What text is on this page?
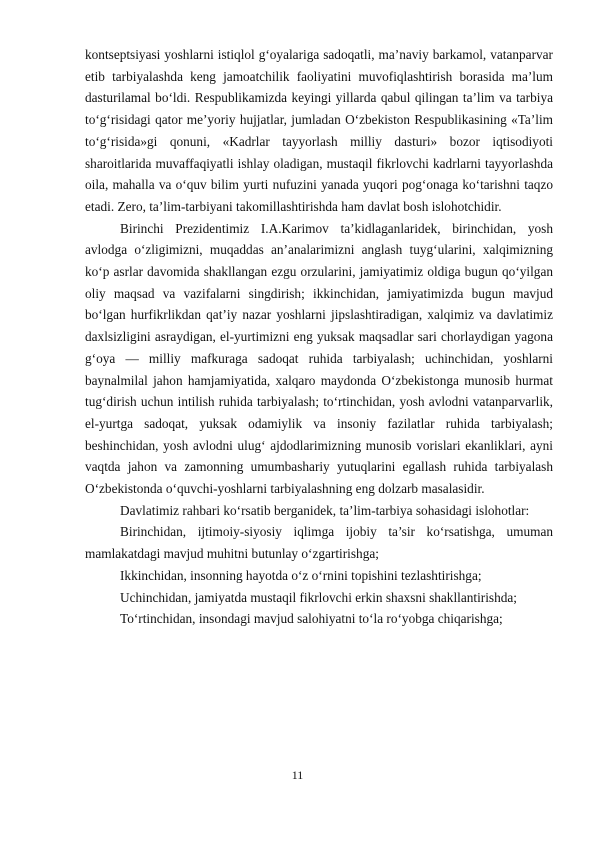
kontseptsiyasi yoshlarni istiqlol g‘oyalariga sadoqatli, ma’naviy barkamol, vatanparvar etib tarbiyalashda keng jamoatchilik faoliyatini muvofiqlashtirish borasida ma’lum dasturilamal bo‘ldi. Respublikamizda keyingi yillarda qabul qilingan ta’lim va tarbiya to‘g‘risidagi qator me’yoriy hujjatlar, jumladan O‘zbekiston Respublikasining «Ta’lim to‘g‘risida»gi qonuni, «Kadrlar tayyorlash milliy dasturi» bozor iqtisodiyoti sharoitlarida muvaffaqiyatli ishlay oladigan, mustaqil fikrlovchi kadrlarni tayyorlashda oila, mahalla va o‘quv bilim yurti nufuzini yanada yuqori pog‘onaga ko‘tarishni taqzo etadi. Zero, ta’lim-tarbiyani takomillashtirishda ham davlat bosh islohotchidir.

Birinchi Prezidentimiz I.A.Karimov ta’kidlaganlaridek, birinchidan, yosh avlodga o‘zligimizni, muqaddas an’analarimizni anglash tuyg‘ularini, xalqimizning ko‘p asrlar davomida shakllangan ezgu orzularini, jamiyatimiz oldiga bugun qo‘yilgan oliy maqsad va vazifalarni singdirish; ikkinchidan, jamiyatimizda bugun mavjud bo‘lgan hurfikrlikdan qat’iy nazar yoshlarni jipslashtiradigan, xalqimiz va davlatimiz daxlsizligini asraydigan, el-yurtimizni eng yuksak maqsadlar sari chorlaydigan yagona g‘oya — milliy mafkuraga sadoqat ruhida tarbiyalash; uchinchidan, yoshlarni baynalmilal jahon hamjamiyatida, xalqaro maydonda O‘zbekistonga munosib hurmat tug‘dirish uchun intilish ruhida tarbiyalash; to‘rtinchidan, yosh avlodni vatanparvarlik, el-yurtga sadoqat, yuksak odamiylik va insoniy fazilatlar ruhida tarbiyalash; beshinchidan, yosh avlodni ulug‘ ajdodlarimizning munosib vorislari ekanliklari, ayni vaqtda jahon va zamonning umumbashariy yutuqlarini egallash ruhida tarbiyalash O‘zbekistonda o‘quvchi-yoshlarni tarbiyalashning eng dolzarb masalasidir.

Davlatimiz rahbari ko‘rsatib berganidek, ta’lim-tarbiya sohasidagi islohotlar:

Birinchidan, ijtimoiy-siyosiy iqlimga ijobiy ta’sir ko‘rsatishga, umuman mamlakatdagi mavjud muhitni butunlay o‘zgartirishga;

Ikkinchidan, insonning hayotda o‘z o‘rnini topishini tezlashtirishga;

Uchinchidan, jamiyatda mustaqil fikrlovchi erkin shaxsni shakllantirishda;

To‘rtinchidan, insondagi mavjud salohiyatni to‘la ro‘yobga chiqarishga;

11
